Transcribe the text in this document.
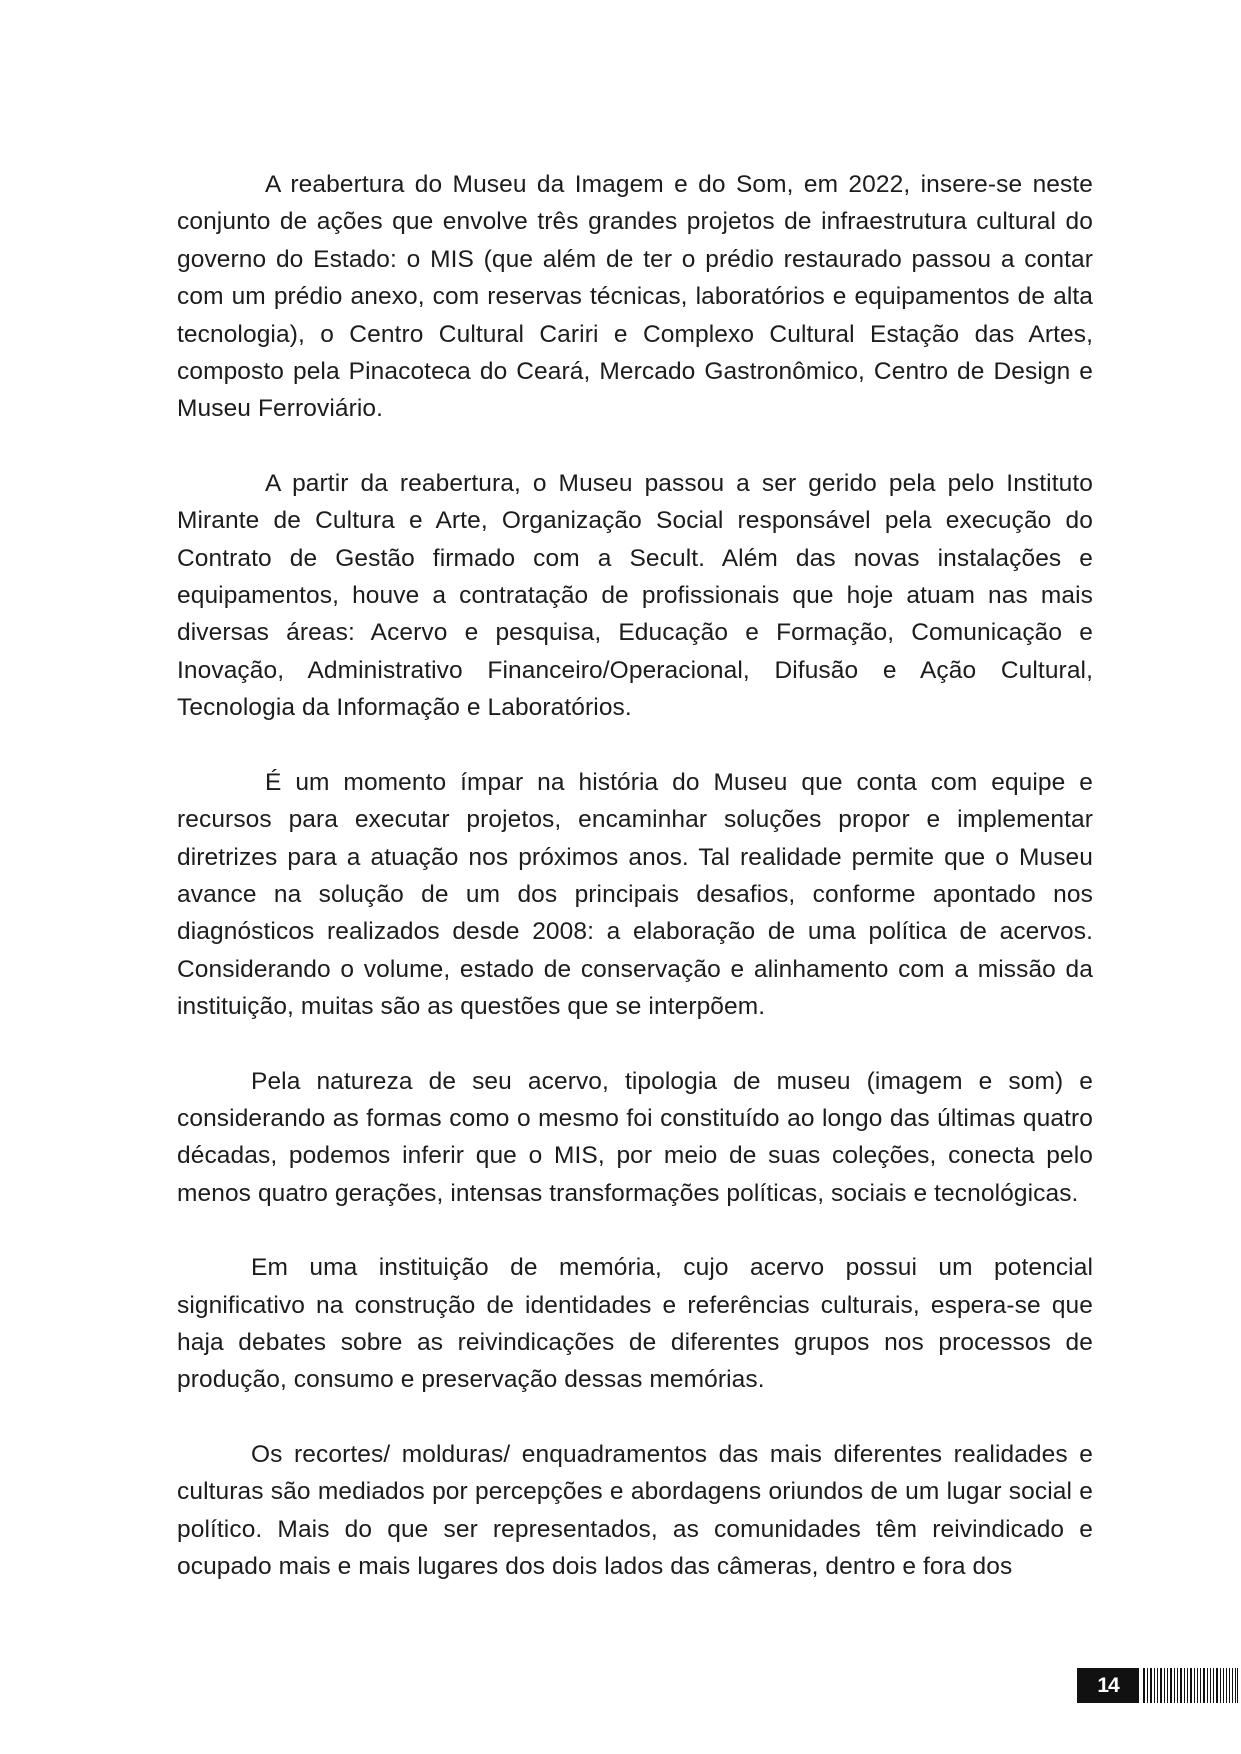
A reabertura do Museu da Imagem e do Som, em 2022, insere-se neste conjunto de ações que envolve três grandes projetos de infraestrutura cultural do governo do Estado: o MIS (que além de ter o prédio restaurado passou a contar com um prédio anexo, com reservas técnicas, laboratórios e equipamentos de alta tecnologia), o Centro Cultural Cariri e Complexo Cultural Estação das Artes, composto pela Pinacoteca do Ceará, Mercado Gastronômico, Centro de Design e Museu Ferroviário.

A partir da reabertura, o Museu passou a ser gerido pela pelo Instituto Mirante de Cultura e Arte, Organização Social responsável pela execução do Contrato de Gestão firmado com a Secult. Além das novas instalações e equipamentos, houve a contratação de profissionais que hoje atuam nas mais diversas áreas: Acervo e pesquisa, Educação e Formação, Comunicação e Inovação, Administrativo Financeiro/Operacional, Difusão e Ação Cultural, Tecnologia da Informação e Laboratórios.

É um momento ímpar na história do Museu que conta com equipe e recursos para executar projetos, encaminhar soluções propor e implementar diretrizes para a atuação nos próximos anos. Tal realidade permite que o Museu avance na solução de um dos principais desafios, conforme apontado nos diagnósticos realizados desde 2008: a elaboração de uma política de acervos. Considerando o volume, estado de conservação e alinhamento com a missão da instituição, muitas são as questões que se interpõem.

Pela natureza de seu acervo, tipologia de museu (imagem e som) e considerando as formas como o mesmo foi constituído ao longo das últimas quatro décadas, podemos inferir que o MIS, por meio de suas coleções, conecta pelo menos quatro gerações, intensas transformações políticas, sociais e tecnológicas.

Em uma instituição de memória, cujo acervo possui um potencial significativo na construção de identidades e referências culturais, espera-se que haja debates sobre as reivindicações de diferentes grupos nos processos de produção, consumo e preservação dessas memórias.

Os recortes/ molduras/ enquadramentos das mais diferentes realidades e culturas são mediados por percepções e abordagens oriundos de um lugar social e político. Mais do que ser representados, as comunidades têm reivindicado e ocupado mais e mais lugares dos dois lados das câmeras, dentro e fora dos

14
